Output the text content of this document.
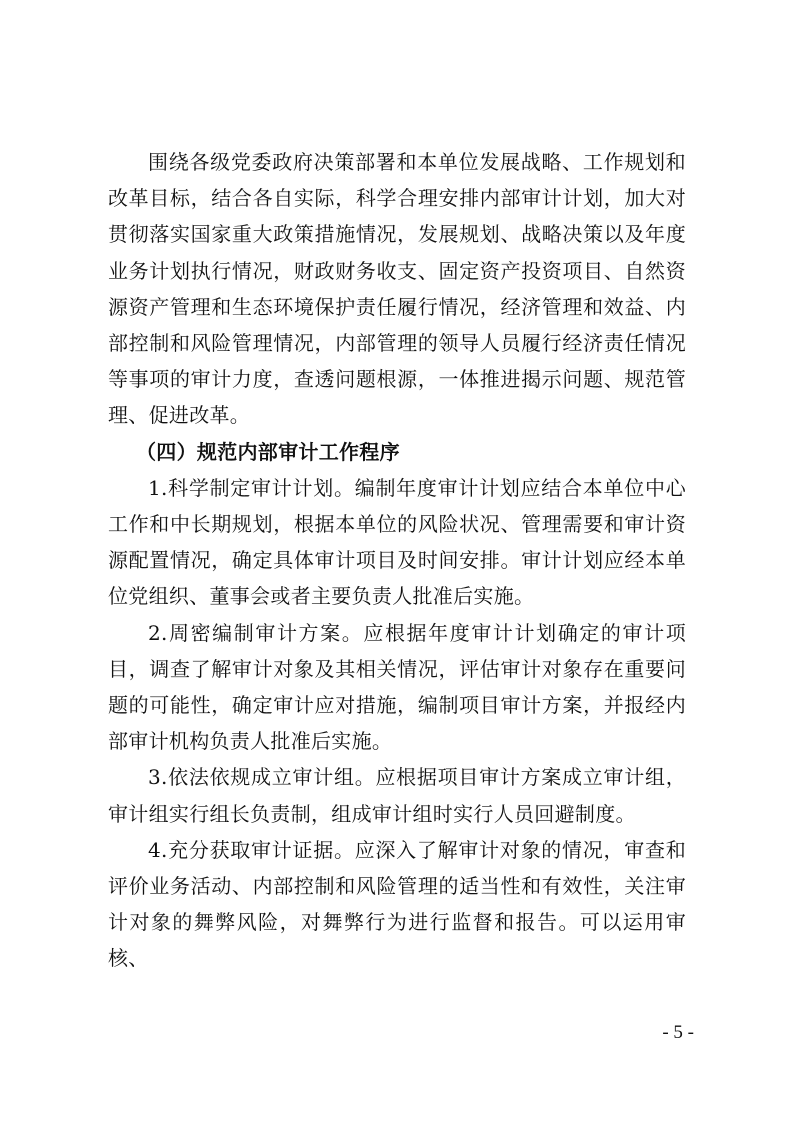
围绕各级党委政府决策部署和本单位发展战略、工作规划和改革目标，结合各自实际，科学合理安排内部审计计划，加大对贯彻落实国家重大政策措施情况，发展规划、战略决策以及年度业务计划执行情况，财政财务收支、固定资产投资项目、自然资源资产管理和生态环境保护责任履行情况，经济管理和效益、内部控制和风险管理情况，内部管理的领导人员履行经济责任情况等事项的审计力度，查透问题根源，一体推进揭示问题、规范管理、促进改革。

（四）规范内部审计工作程序

1.科学制定审计计划。编制年度审计计划应结合本单位中心工作和中长期规划，根据本单位的风险状况、管理需要和审计资源配置情况，确定具体审计项目及时间安排。审计计划应经本单位党组织、董事会或者主要负责人批准后实施。

2.周密编制审计方案。应根据年度审计计划确定的审计项目，调查了解审计对象及其相关情况，评估审计对象存在重要问题的可能性，确定审计应对措施，编制项目审计方案，并报经内部审计机构负责人批准后实施。

3.依法依规成立审计组。应根据项目审计方案成立审计组，审计组实行组长负责制，组成审计组时实行人员回避制度。

4.充分获取审计证据。应深入了解审计对象的情况，审查和评价业务活动、内部控制和风险管理的适当性和有效性，关注审计对象的舞弊风险，对舞弊行为进行监督和报告。可以运用审核、

- 5 -
